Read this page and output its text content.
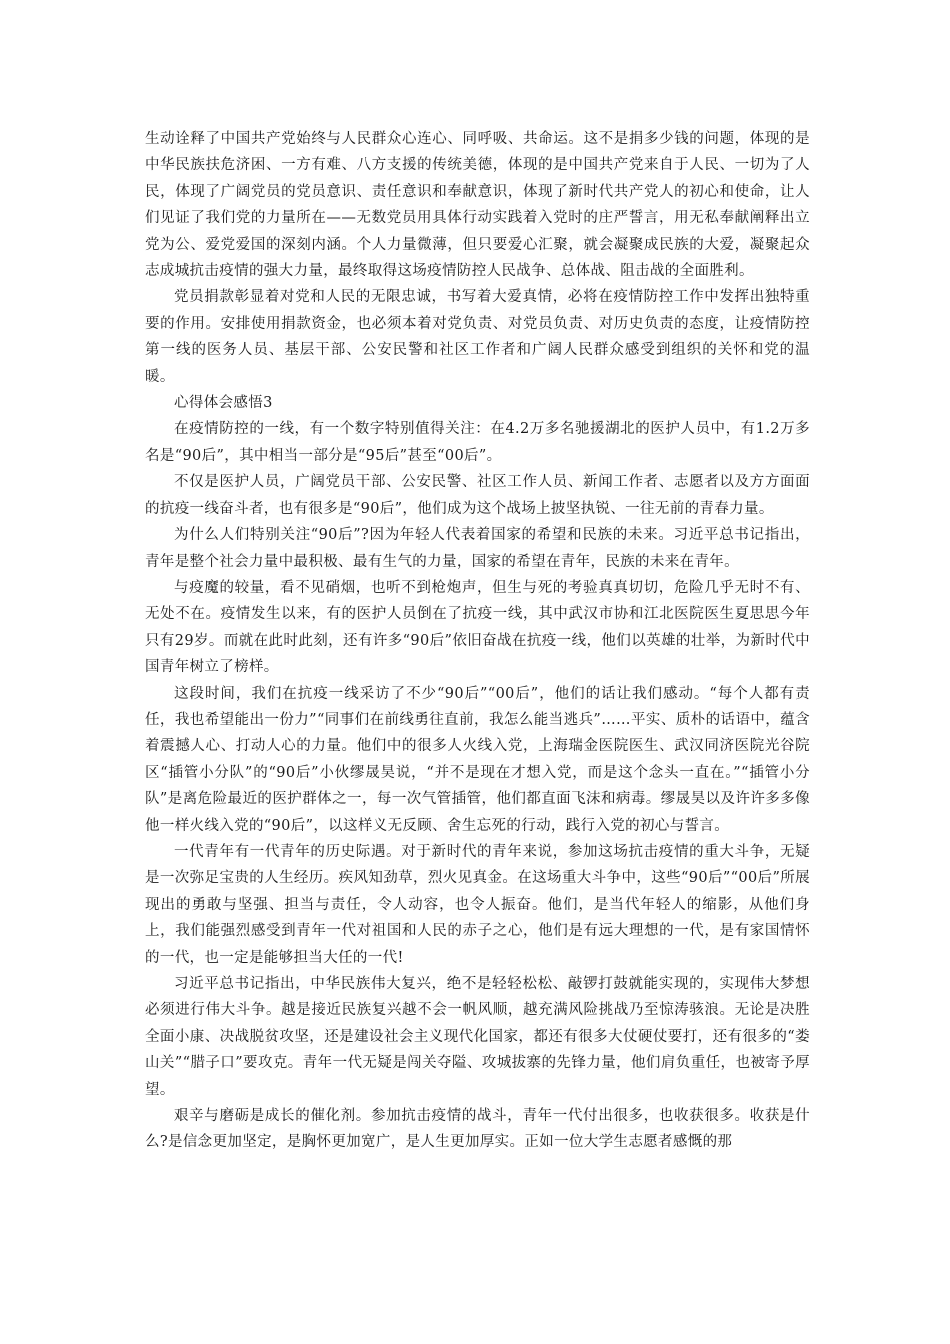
生动诠释了中国共产党始终与人民群众心连心、同呼吸、共命运。这不是捐多少钱的问题，体现的是中华民族扶危济困、一方有难、八方支援的传统美德，体现的是中国共产党来自于人民、一切为了人民，体现了广阔党员的党员意识、责任意识和奉献意识，体现了新时代共产党人的初心和使命，让人们见证了我们党的力量所在——无数党员用具体行动实践着入党时的庄严誓言，用无私奉献阐释出立党为公、爱党爱国的深刻内涵。个人力量微薄，但只要爱心汇聚，就会凝聚成民族的大爱，凝聚起众志成城抗击疫情的强大力量，最终取得这场疫情防控人民战争、总体战、阻击战的全面胜利。

党员捐款彰显着对党和人民的无限忠诚，书写着大爱真情，必将在疫情防控工作中发挥出独特重要的作用。安排使用捐款资金，也必须本着对党负责、对党员负责、对历史负责的态度，让疫情防控第一线的医务人员、基层干部、公安民警和社区工作者和广阔人民群众感受到组织的关怀和党的温暖。

心得体会感悟3

在疫情防控的一线，有一个数字特别值得关注：在4.2万多名驰援湖北的医护人员中，有1.2万多名是“90后”，其中相当一部分是“95后”甚至“00后”。

不仅是医护人员，广阔党员干部、公安民警、社区工作人员、新闻工作者、志愿者以及方方面面的抗疫一线奋斗者，也有很多是“90后”，他们成为这个战场上披坚执锐、一往无前的青春力量。

为什么人们特别关注“90后”?因为年轻人代表着国家的希望和民族的未来。习近平总书记指出，青年是整个社会力量中最积极、最有生气的力量，国家的希望在青年，民族的未来在青年。

与疫魔的较量，看不见硝烟，也听不到枪炮声，但生与死的考验真真切切，危险几乎无时不有、无处不在。疫情发生以来，有的医护人员倒在了抗疫一线，其中武汉市协和江北医院医生夏思思今年只有29岁。而就在此时此刻，还有许多“90后”依旧奋战在抗疫一线，他们以英雄的壮举，为新时代中国青年树立了榜样。

这段时间，我们在抗疫一线采访了不少“90后”“00后”，他们的话让我们感动。“每个人都有责任，我也希望能出一份力”“同事们在前线勇往直前，我怎么能当逃兵”……平实、质朴的话语中，蕴含着震撼人心、打动人心的力量。他们中的很多人火线入党，上海瑞金医院医生、武汉同济医院光谷院区“插管小分队”的“90后”小伙缪晟昊说，“并不是现在才想入党，而是这个念头一直在。”“插管小分队”是离危险最近的医护群体之一，每一次气管插管，他们都直面飞沫和病毒。缪晟昊以及许许多多像他一样火线入党的“90后”，以这样义无反顾、舍生忘死的行动，践行入党的初心与誓言。

一代青年有一代青年的历史际遇。对于新时代的青年来说，参加这场抗击疫情的重大斗争，无疑是一次弥足宝贵的人生经历。疾风知劲草，烈火见真金。在这场重大斗争中，这些“90后”“00后”所展现出的勇敢与坚强、担当与责任，令人动容，也令人振奋。他们，是当代年轻人的缩影，从他们身上，我们能强烈感受到青年一代对祖国和人民的赤子之心，他们是有远大理想的一代，是有家国情怀的一代，也一定是能够担当大任的一代!

习近平总书记指出，中华民族伟大复兴，绝不是轻轻松松、敲锣打鼓就能实现的，实现伟大梦想必须进行伟大斗争。越是接近民族复兴越不会一帆风顺，越充满风险挑战乃至惊涛骇浪。无论是决胜全面小康、决战脱贫攻坚，还是建设社会主义现代化国家，都还有很多大仗硬仗要打，还有很多的“娄山关”“腊子口”要攻克。青年一代无疑是闯关夺隘、攻城拔寨的先锋力量，他们肩负重任，也被寄予厚望。

艰辛与磨砺是成长的催化剂。参加抗击疫情的战斗，青年一代付出很多，也收获很多。收获是什么?是信念更加坚定，是胸怀更加宽广，是人生更加厚实。正如一位大学生志愿者感慨的那
